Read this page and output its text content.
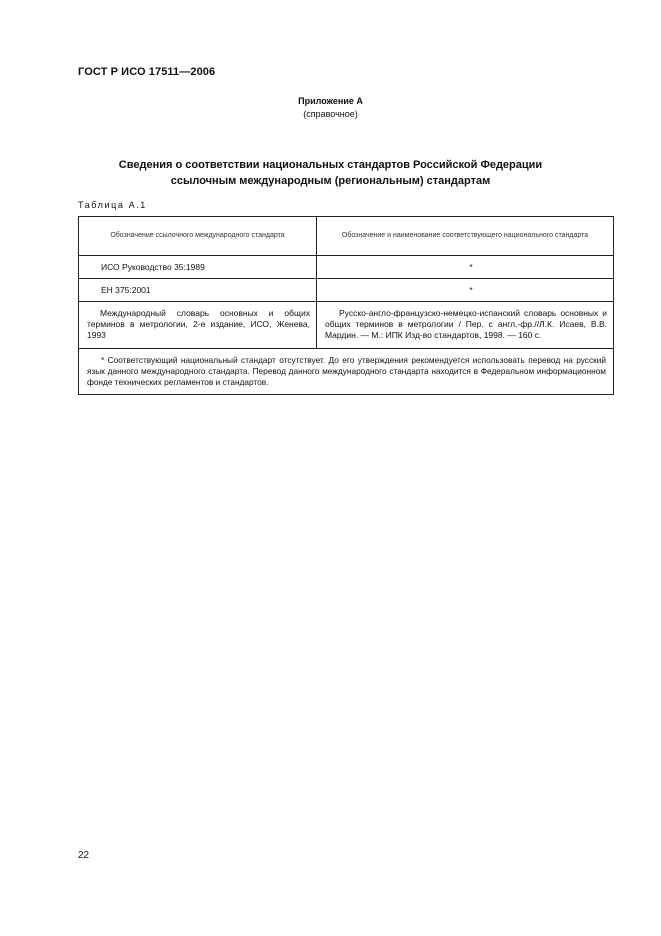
ГОСТ Р ИСО 17511—2006
Приложение А
(справочное)
Сведения о соответствии национальных стандартов Российской Федерации
ссылочным международным (региональным) стандартам
Таблица А.1
Обозначение ссылочного международного стандарта	Обозначение и наименование соответствующего национального стандарта
ИСО Руководство 35:1989	*
ЕН 375:2001	*
Международный словарь основных и общих терминов в метрологии, 2-е издание, ИСО, Женева, 1993	Русско-англо-французско-немецко-испанский словарь основных и общих терминов в метрологии / Пер. с англ.-фр.//Л.К. Исаев, В.В. Мардин. — М.: ИПК Изд-во стандартов, 1998. — 160 с.

* Соответствующий национальный стандарт отсутствует. До его утверждения рекомендуется использовать перевод на русский язык данного международного стандарта. Перевод данного международного стандарта находится в Федеральном информационном фонде технических регламентов и стандартов.	
22
